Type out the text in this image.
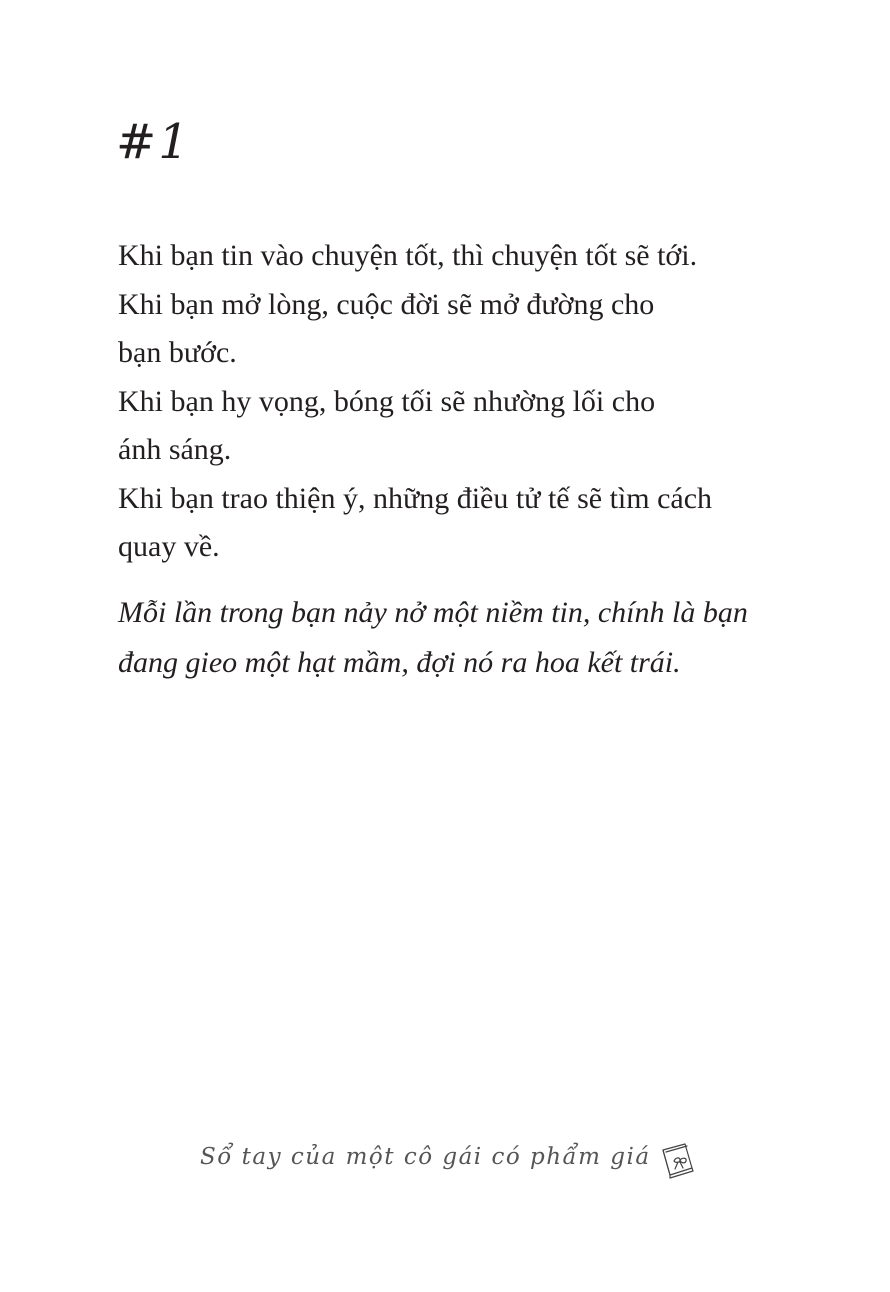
#1
Khi bạn tin vào chuyện tốt, thì chuyện tốt sẽ tới.
Khi bạn mở lòng, cuộc đời sẽ mở đường cho
bạn bước.
Khi bạn hy vọng, bóng tối sẽ nhường lối cho
ánh sáng.
Khi bạn trao thiện ý, những điều tử tế sẽ tìm cách
quay về.
Mỗi lần trong bạn nảy nở một niềm tin, chính là bạn
đang gieo một hạt mầm, đợi nó ra hoa kết trái.
Sổ tay của một cô gái có phẩm giá
